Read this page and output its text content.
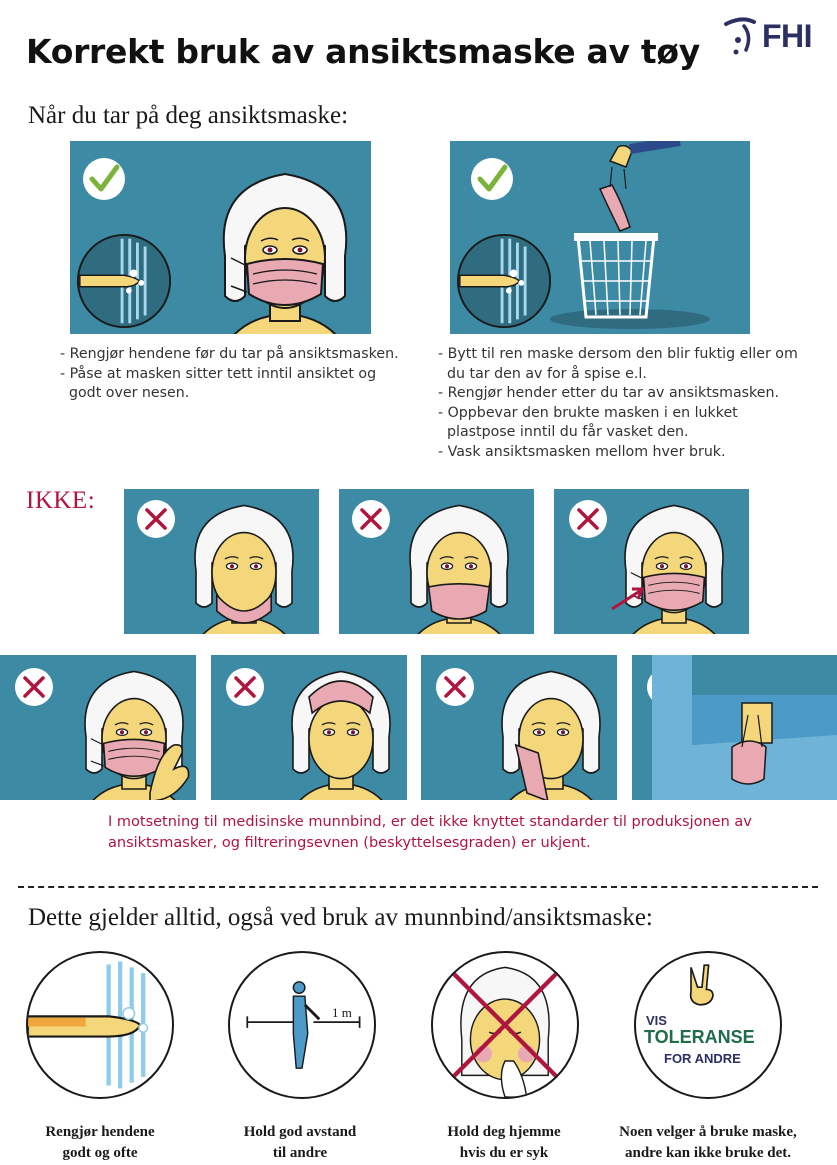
Korrekt bruk av ansiktsmaske av tøy FHI
Når du tar på deg ansiktsmaske:
- Rengjør hendene før du tar på ansiktsmasken.
- Påse at masken sitter tett inntil ansiktet og godt over nesen.
- Bytt til ren maske dersom den blir fuktig eller om du tar den av for å spise e.l.
- Rengjør hender etter du tar av ansiktsmasken.
- Oppbevar den brukte masken i en lukket plastpose inntil du får vasket den.
- Vask ansiktsmasken mellom hver bruk.
IKKE:
I motsetning til medisinske munnbind, er det ikke knyttet standarder til produksjonen av ansiktsmasker, og filtreringsevnen (beskyttelsesgraden) er ukjent.
Dette gjelder alltid, også ved bruk av munnbind/ansiktsmaske:
1 m
VIS
TOLERANSE
FOR ANDRE
Rengjør hendene
godt og ofte
Hold god avstand
til andre
Hold deg hjemme
hvis du er syk
Noen velger å bruke maske,
andre kan ikke bruke det.
